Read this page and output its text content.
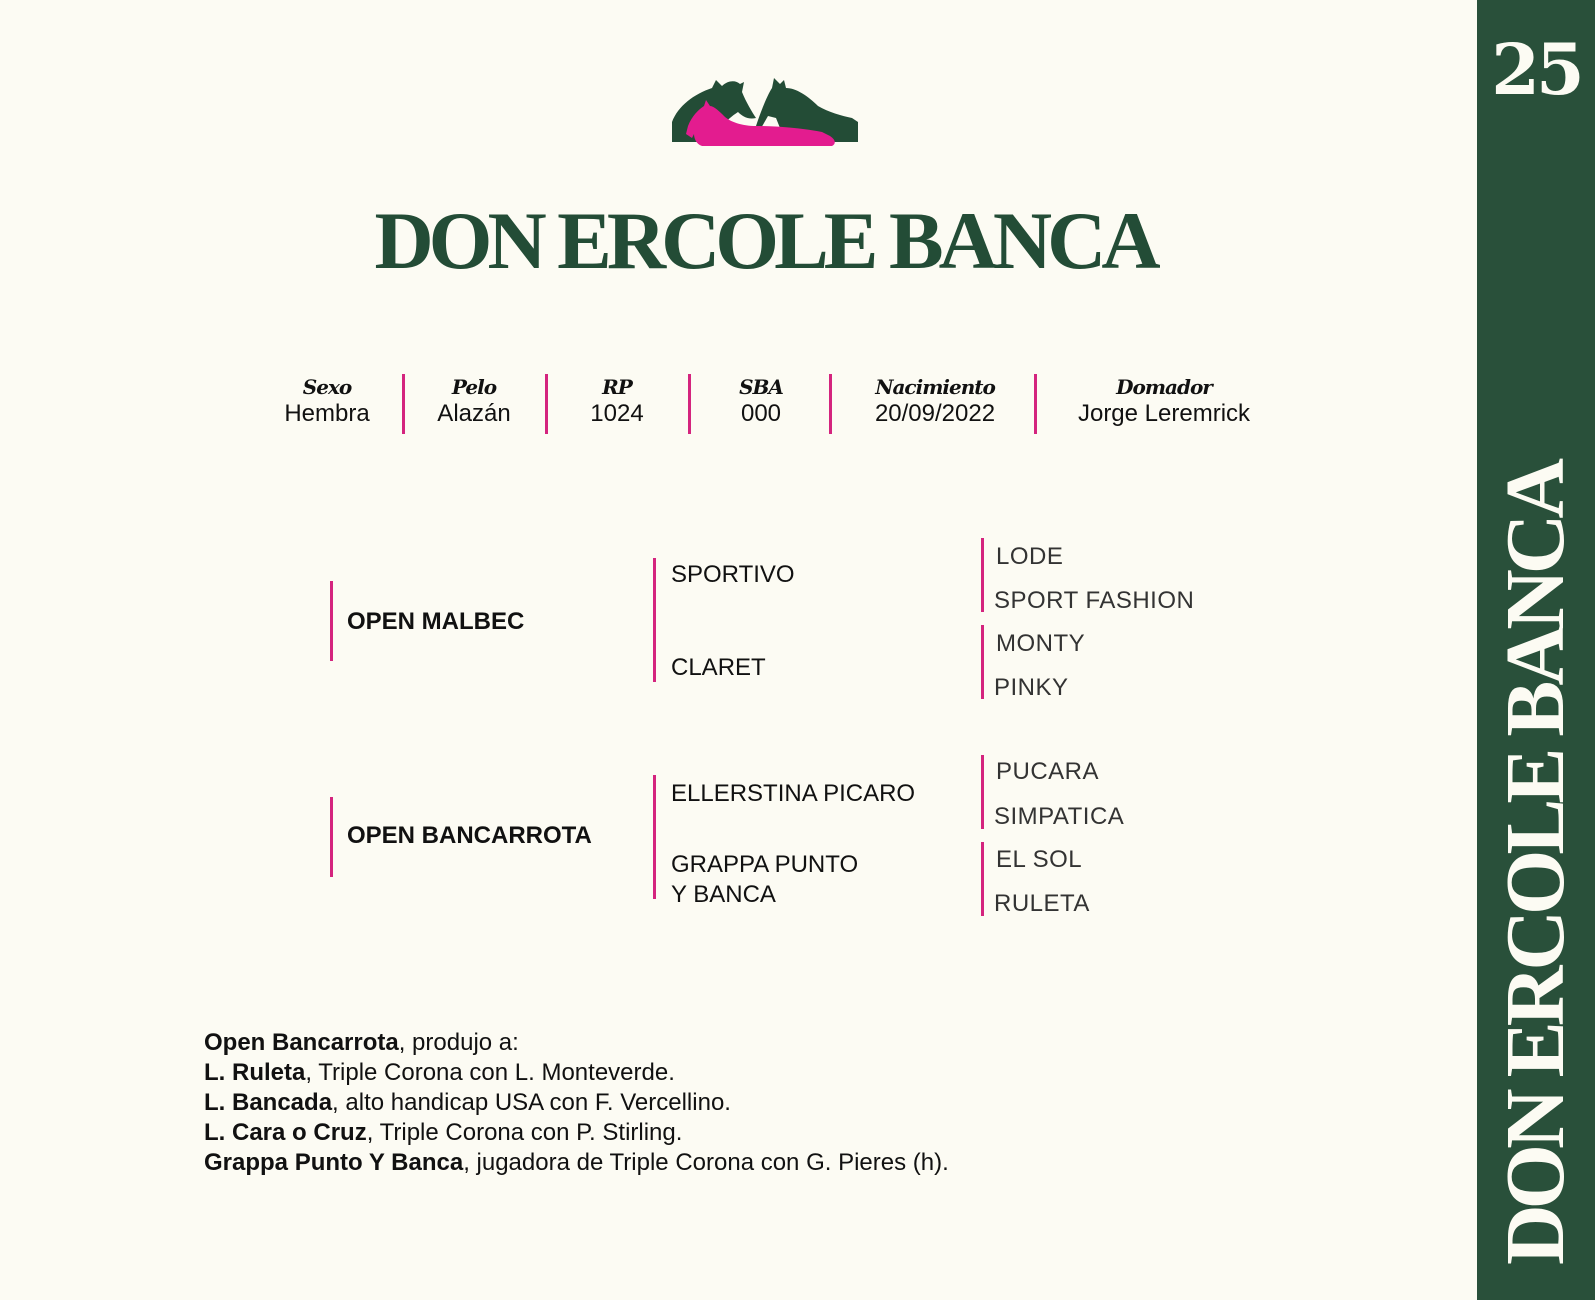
25
DON ERCOLE BANCA
DON ERCOLE BANCA
Sexo
Hembra
Pelo
Alazán
RP
1024
SBA
000
Nacimiento
20/09/2022
Domador
Jorge Leremrick
OPEN MALBEC
SPORTIVO
CLARET
LODE
SPORT FASHION
MONTY
PINKY
OPEN BANCARROTA
ELLERSTINA PICARO
GRAPPA PUNTO
Y BANCA
PUCARA
SIMPATICA
EL SOL
RULETA
Open Bancarrota, produjo a:
L. Ruleta, Triple Corona con L. Monteverde.
L. Bancada, alto handicap USA con F. Vercellino.
L. Cara o Cruz, Triple Corona con P. Stirling.
Grappa Punto Y Banca, jugadora de Triple Corona con G. Pieres (h).
